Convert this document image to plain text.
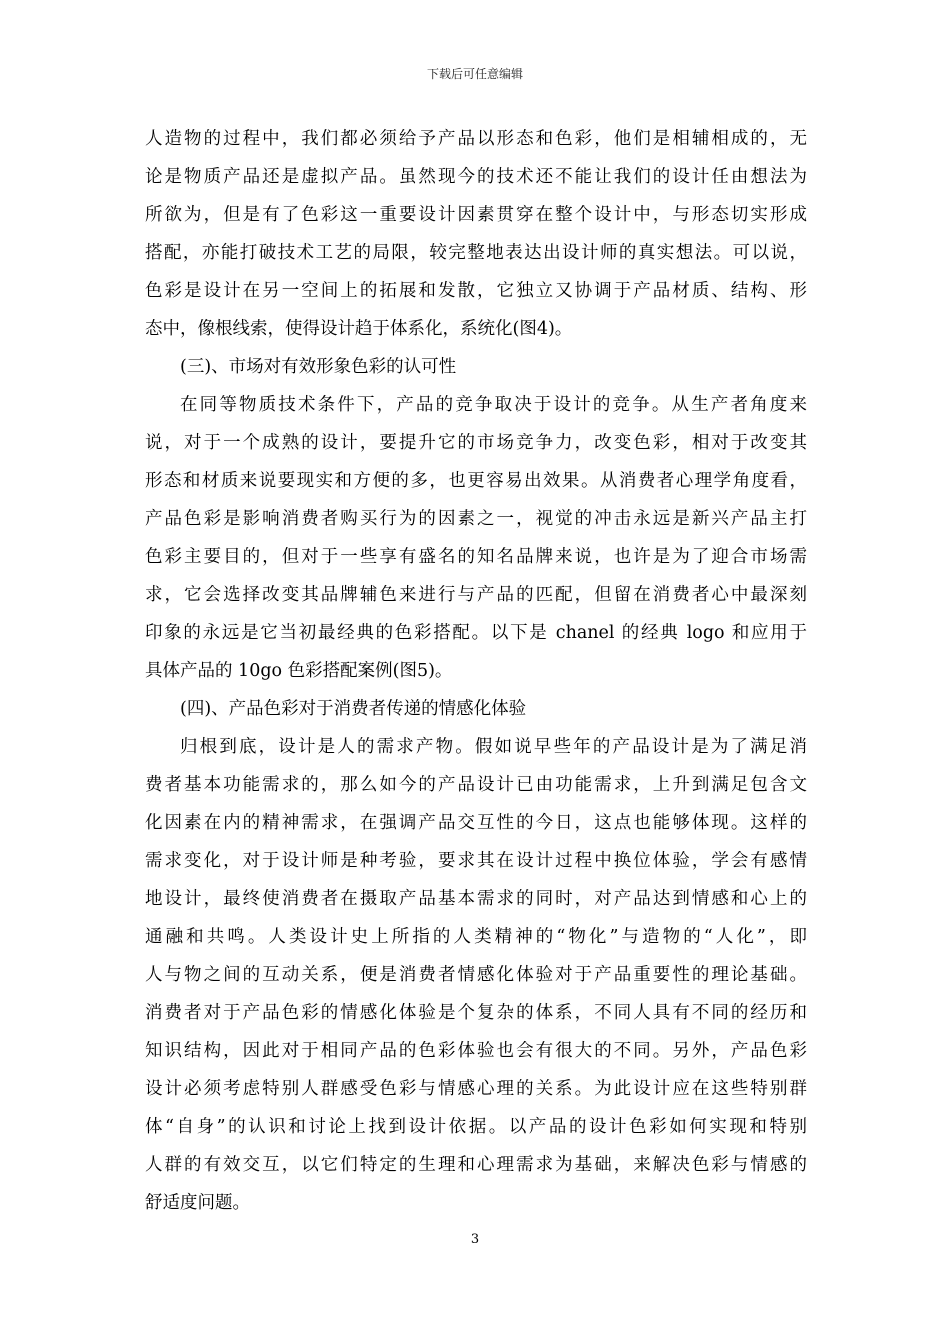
下载后可任意编辑
人造物的过程中，我们都必须给予产品以形态和色彩，他们是相辅相成的，无
论是物质产品还是虚拟产品。虽然现今的技术还不能让我们的设计任由想法为
所欲为，但是有了色彩这一重要设计因素贯穿在整个设计中，与形态切实形成
搭配，亦能打破技术工艺的局限，较完整地表达出设计师的真实想法。可以说，
色彩是设计在另一空间上的拓展和发散，它独立又协调于产品材质、结构、形
态中，像根线索，使得设计趋于体系化，系统化(图4)。
(三)、市场对有效形象色彩的认可性
在同等物质技术条件下，产品的竞争取决于设计的竞争。从生产者角度来
说，对于一个成熟的设计，要提升它的市场竞争力，改变色彩，相对于改变其
形态和材质来说要现实和方便的多，也更容易出效果。从消费者心理学角度看，
产品色彩是影响消费者购买行为的因素之一，视觉的冲击永远是新兴产品主打
色彩主要目的，但对于一些享有盛名的知名品牌来说，也许是为了迎合市场需
求，它会选择改变其品牌辅色来进行与产品的匹配，但留在消费者心中最深刻
印象的永远是它当初最经典的色彩搭配。以下是 chanel 的经典 logo 和应用于
具体产品的 10go 色彩搭配案例(图5)。
(四)、产品色彩对于消费者传递的情感化体验
归根到底，设计是人的需求产物。假如说早些年的产品设计是为了满足消
费者基本功能需求的，那么如今的产品设计已由功能需求，上升到满足包含文
化因素在内的精神需求，在强调产品交互性的今日，这点也能够体现。这样的
需求变化，对于设计师是种考验，要求其在设计过程中换位体验，学会有感情
地设计，最终使消费者在摄取产品基本需求的同时，对产品达到情感和心上的
通融和共鸣。人类设计史上所指的人类精神的“物化”与造物的“人化”，即
人与物之间的互动关系，便是消费者情感化体验对于产品重要性的理论基础。
消费者对于产品色彩的情感化体验是个复杂的体系，不同人具有不同的经历和
知识结构，因此对于相同产品的色彩体验也会有很大的不同。另外，产品色彩
设计必须考虑特别人群感受色彩与情感心理的关系。为此设计应在这些特别群
体“自身”的认识和讨论上找到设计依据。以产品的设计色彩如何实现和特别
人群的有效交互，以它们特定的生理和心理需求为基础，来解决色彩与情感的
舒适度问题。
3
